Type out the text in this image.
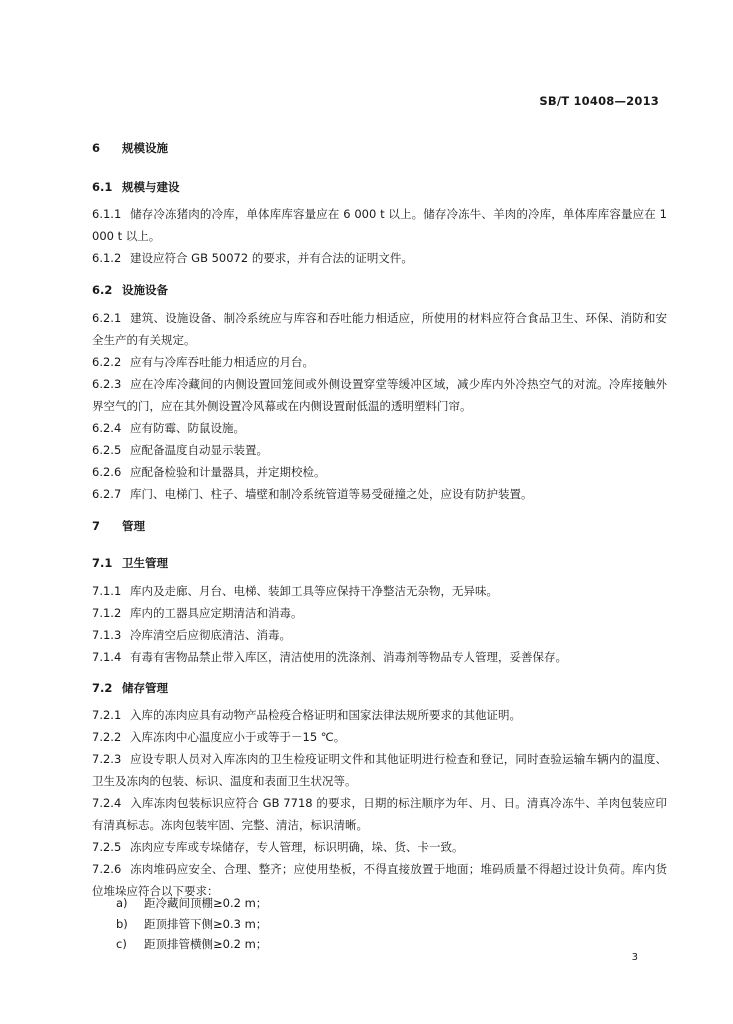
SB/T 10408—2013
6 规模设施
6.1 规模与建设
6.1.1 储存冷冻猪肉的冷库，单体库库容量应在 6 000 t 以上。储存冷冻牛、羊肉的冷库，单体库库容量应在 1 000 t 以上。
6.1.2 建设应符合 GB 50072 的要求，并有合法的证明文件。
6.2 设施设备
6.2.1 建筑、设施设备、制冷系统应与库容和吞吐能力相适应，所使用的材料应符合食品卫生、环保、消防和安全生产的有关规定。
6.2.2 应有与冷库吞吐能力相适应的月台。
6.2.3 应在冷库冷藏间的内侧设置回笼间或外侧设置穿堂等缓冲区域，减少库内外冷热空气的对流。冷库接触外界空气的门，应在其外侧设置冷风幕或在内侧设置耐低温的透明塑料门帘。
6.2.4 应有防霉、防鼠设施。
6.2.5 应配备温度自动显示装置。
6.2.6 应配备检验和计量器具，并定期校检。
6.2.7 库门、电梯门、柱子、墙壁和制冷系统管道等易受碰撞之处，应设有防护装置。
7 管理
7.1 卫生管理
7.1.1 库内及走廊、月台、电梯、装卸工具等应保持干净整洁无杂物，无异味。
7.1.2 库内的工器具应定期清洁和消毒。
7.1.3 冷库清空后应彻底清洁、消毒。
7.1.4 有毒有害物品禁止带入库区，清洁使用的洗涤剂、消毒剂等物品专人管理，妥善保存。
7.2 储存管理
7.2.1 入库的冻肉应具有动物产品检疫合格证明和国家法律法规所要求的其他证明。
7.2.2 入库冻肉中心温度应小于或等于－15 ℃。
7.2.3 应设专职人员对入库冻肉的卫生检疫证明文件和其他证明进行检查和登记，同时查验运输车辆内的温度、卫生及冻肉的包装、标识、温度和表面卫生状况等。
7.2.4 入库冻肉包装标识应符合 GB 7718 的要求，日期的标注顺序为年、月、日。清真冷冻牛、羊肉包装应印有清真标志。冻肉包装牢固、完整、清洁，标识清晰。
7.2.5 冻肉应专库或专垛储存，专人管理，标识明确，垛、货、卡一致。
7.2.6 冻肉堆码应安全、合理、整齐；应使用垫板，不得直接放置于地面；堆码质量不得超过设计负荷。库内货位堆垛应符合以下要求：
a) 距冷藏间顶棚≥0.2 m；
b) 距顶排管下侧≥0.3 m；
c) 距顶排管横侧≥0.2 m；
3
